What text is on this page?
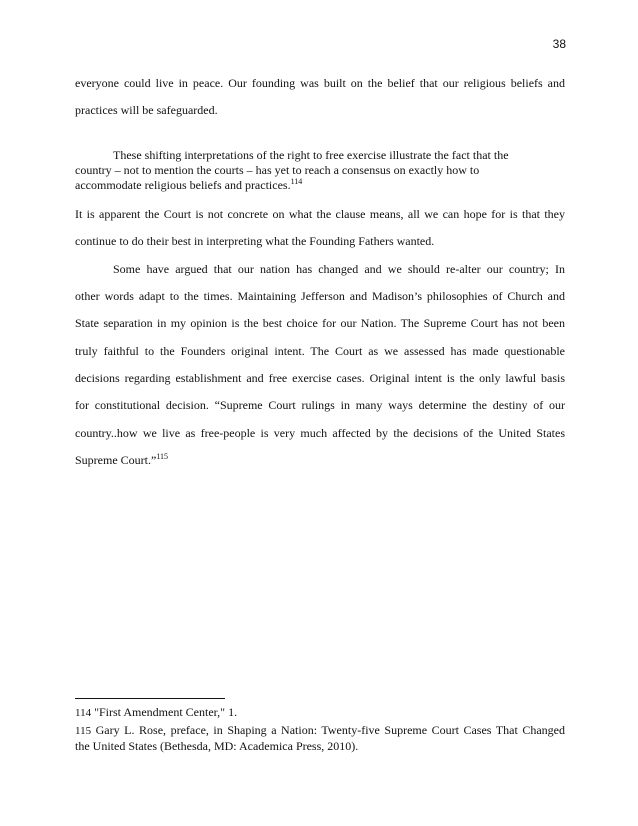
38
everyone could live in peace. Our founding was built on the belief that our religious beliefs and
practices will be safeguarded.
These shifting interpretations of the right to free exercise illustrate the fact that the
country – not to mention the courts – has yet to reach a consensus on exactly how to
accommodate religious beliefs and practices.$^{114}$
It is apparent the Court is not concrete on what the clause means, all we can hope for is that they
continue to do their best in interpreting what the Founding Fathers wanted.
Some have argued that our nation has changed and we should re-alter our country; In
other words adapt to the times. Maintaining Jefferson and Madison’s philosophies of Church and
State separation in my opinion is the best choice for our Nation. The Supreme Court has not been
truly faithful to the Founders original intent. The Court as we assessed has made questionable
decisions regarding establishment and free exercise cases. Original intent is the only lawful basis
for constitutional decision. “Supreme Court rulings in many ways determine the destiny of our
country..how we live as free-people is very much affected by the decisions of the United States
Supreme Court.”$^{115}$
114 "First Amendment Center," 1.
115 Gary L. Rose, preface, in Shaping a Nation: Twenty-five Supreme Court Cases That Changed
the United States (Bethesda, MD: Academica Press, 2010).
